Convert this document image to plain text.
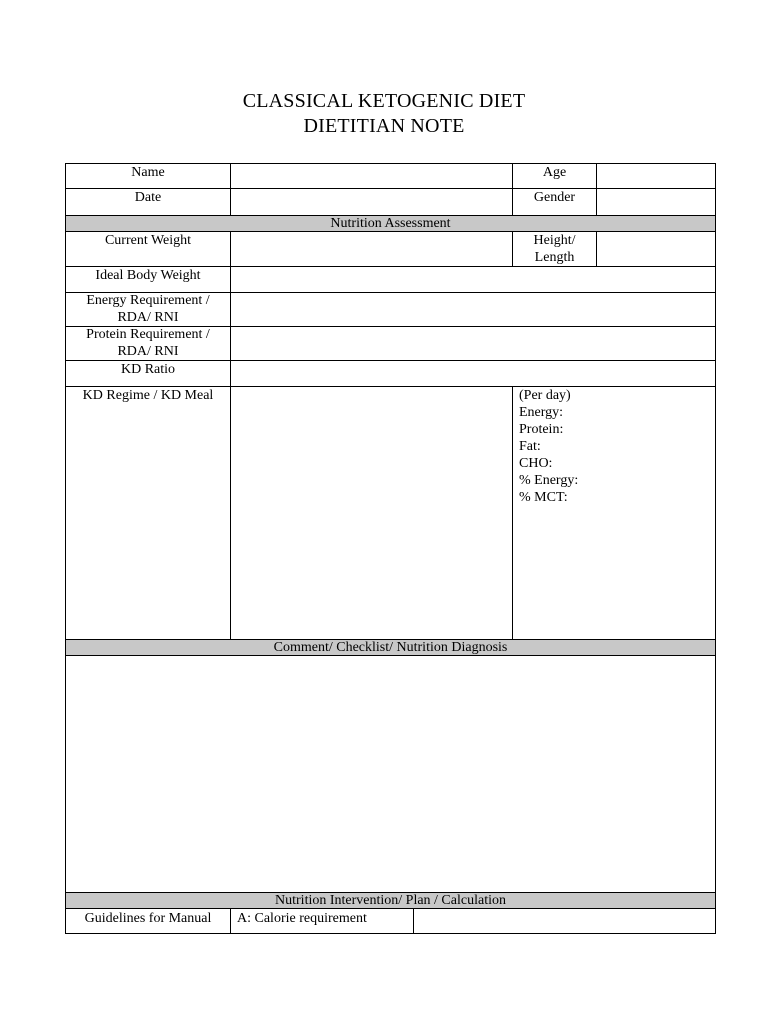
CLASSICAL KETOGENIC DIET
DIETITIAN NOTE
Name	Age
Date	Gender
Nutrition Assessment
Current Weight	Height/
Length
Ideal Body Weight
Energy Requirement /
RDA/ RNI
Protein Requirement /
RDA/ RNI
KD Ratio
KD Regime / KD Meal	(Per day)
Energy:
Protein:
Fat:
CHO:
% Energy:
% MCT:
Comment/ Checklist/ Nutrition Diagnosis
Nutrition Intervention/ Plan / Calculation
Guidelines for Manual	A: Calorie requirement
